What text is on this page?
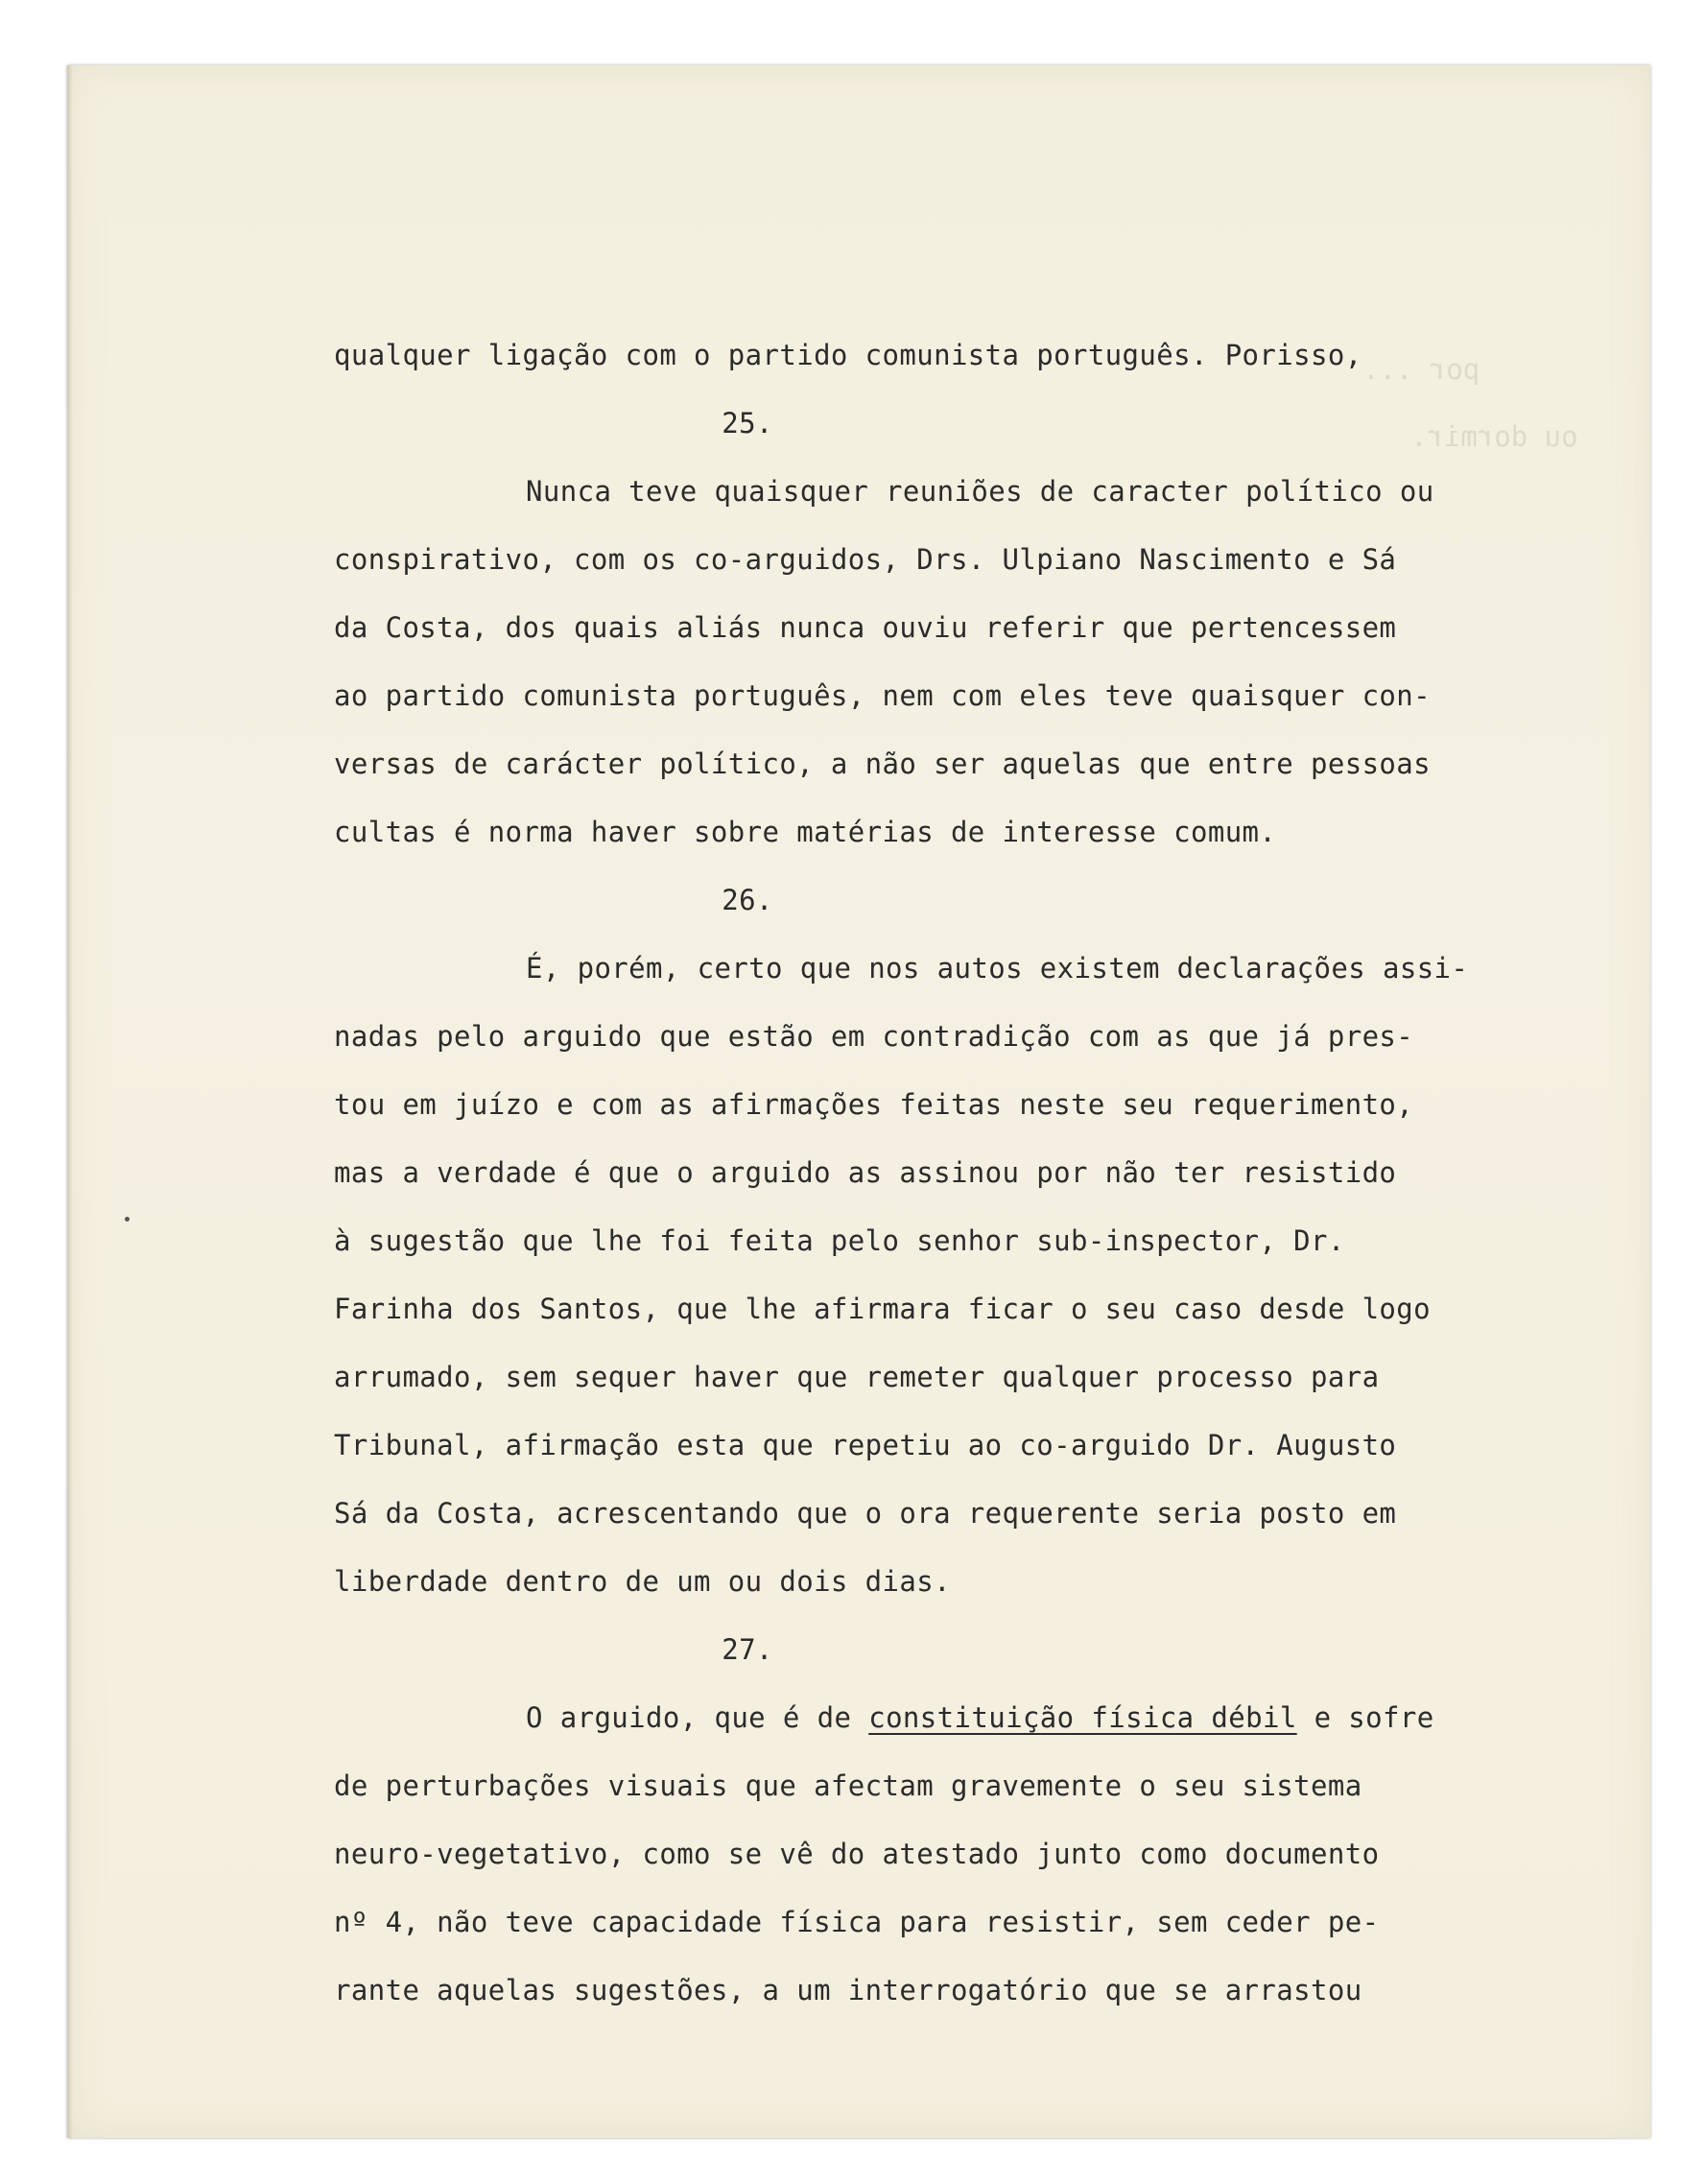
por ...
ou dormir.
qualquer ligação com o partido comunista português. Porisso,
25.
Nunca teve quaisquer reuniões de caracter político ou
conspirativo, com os co-arguidos, Drs. Ulpiano Nascimento e Sá
da Costa, dos quais aliás nunca ouviu referir que pertencessem
ao partido comunista português, nem com eles teve quaisquer con-
versas de carácter político, a não ser aquelas que entre pessoas
cultas é norma haver sobre matérias de interesse comum.
26.
É, porém, certo que nos autos existem declarações assi-
nadas pelo arguido que estão em contradição com as que já pres-
tou em juízo e com as afirmações feitas neste seu requerimento,
mas a verdade é que o arguido as assinou por não ter resistido
à sugestão que lhe foi feita pelo senhor sub-inspector, Dr.
Farinha dos Santos, que lhe afirmara ficar o seu caso desde logo
arrumado, sem sequer haver que remeter qualquer processo para
Tribunal, afirmação esta que repetiu ao co-arguido Dr. Augusto
Sá da Costa, acrescentando que o ora requerente seria posto em
liberdade dentro de um ou dois dias.
27.
O arguido, que é de constituição física débil e sofre
de perturbações visuais que afectam gravemente o seu sistema
neuro-vegetativo, como se vê do atestado junto como documento
nº 4, não teve capacidade física para resistir, sem ceder pe-
rante aquelas sugestões, a um interrogatório que se arrastou
